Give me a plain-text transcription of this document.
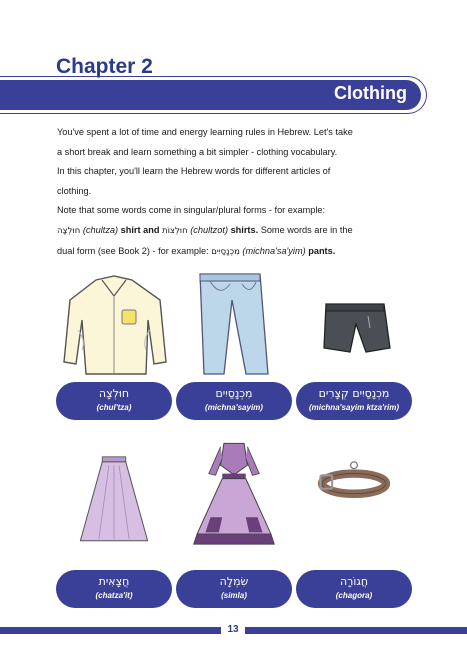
Chapter 2
Clothing

You've spent a lot of time and energy learning rules in Hebrew. Let's take

a short break and learn something a bit simpler - clothing vocabulary.

In this chapter, you'll learn the Hebrew words for different articles of

clothing.

Note that some words come in singular/plural forms - for example:

חוּלְצָה (chultza) shirt and חוּלְצוֹת (chultzot) shirts. Some words are in the

dual form (see Book 2) - for example: מִכְנָסַיִים (michna'sa'yim) pants.

חוּלְצָה
(chul'tza)
מִכְנָסַיִים
(michna'sayim)
מִכְנָסַיִים קְצָרִים
(michna'sayim ktza'rim)
חֲצָאִית
(chatza'it)
שִׂמְלָה
(simla)
חֲגוֹרָה
(chagora)
13
